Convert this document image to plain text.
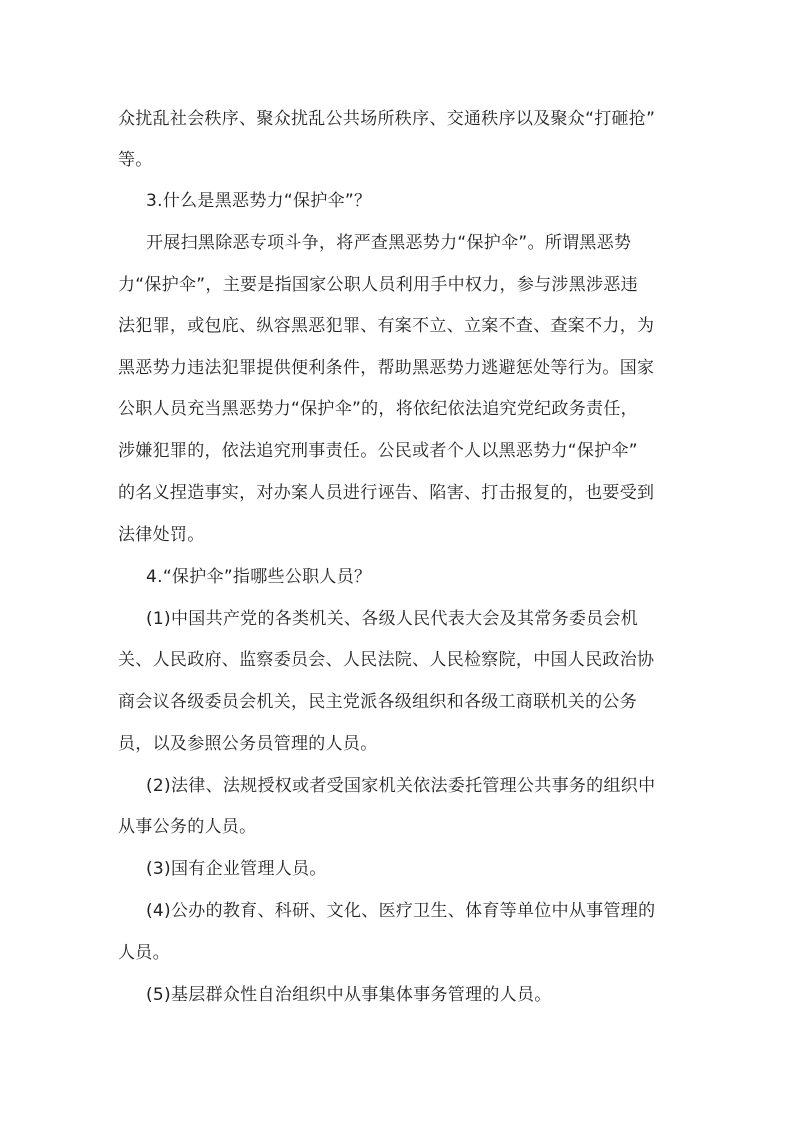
众扰乱社会秩序、聚众扰乱公共场所秩序、交通秩序以及聚众“打砸抢”
等。
3.什么是黑恶势力“保护伞”？
开展扫黑除恶专项斗争，将严查黑恶势力“保护伞”。所谓黑恶势
力“保护伞”，主要是指国家公职人员利用手中权力，参与涉黑涉恶违
法犯罪，或包庇、纵容黑恶犯罪、有案不立、立案不查、查案不力，为
黑恶势力违法犯罪提供便利条件，帮助黑恶势力逃避惩处等行为。国家
公职人员充当黑恶势力“保护伞”的，将依纪依法追究党纪政务责任，
涉嫌犯罪的，依法追究刑事责任。公民或者个人以黑恶势力“保护伞”
的名义捏造事实，对办案人员进行诬告、陷害、打击报复的，也要受到
法律处罚。
4.“保护伞”指哪些公职人员？
(1)中国共产党的各类机关、各级人民代表大会及其常务委员会机
关、人民政府、监察委员会、人民法院、人民检察院，中国人民政治协
商会议各级委员会机关，民主党派各级组织和各级工商联机关的公务
员，以及参照公务员管理的人员。
(2)法律、法规授权或者受国家机关依法委托管理公共事务的组织中
从事公务的人员。
(3)国有企业管理人员。
(4)公办的教育、科研、文化、医疗卫生、体育等单位中从事管理的
人员。
(5)基层群众性自治组织中从事集体事务管理的人员。
